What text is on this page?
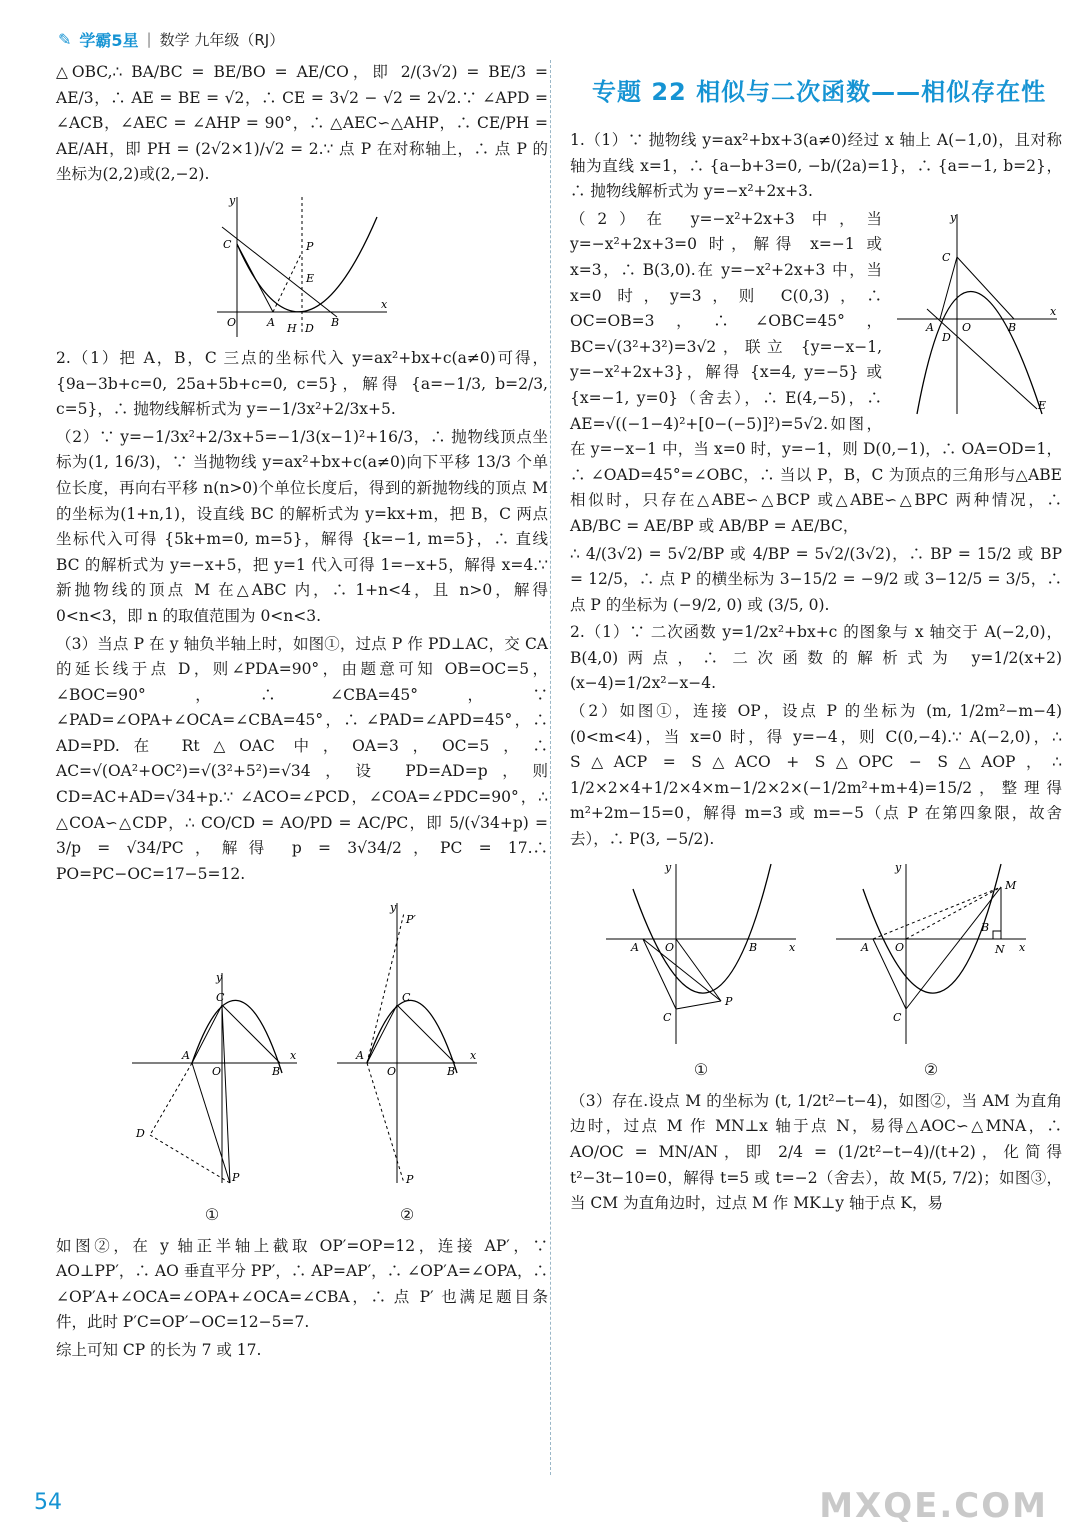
✎ 学霸5星 | 数学 九年级（RJ）

△OBC,∴ BA/BC = BE/BO = AE/CO，即 2/(3√2) = BE/3 = AE/3，∴ AE = BE = √2，∴ CE = 3√2 − √2 = 2√2.∵ ∠APD = ∠ACB，∠AEC = ∠AHP = 90°，∴ △AEC∽△AHP，∴ CE/PH = AE/AH，即 PH = (2√2×1)/√2 = 2.∵ 点 P 在对称轴上，∴ 点 P 的坐标为(2,2)或(2,−2).

x
y
O
C
A	B
P
E
H D

2.（1）把 A，B，C 三点的坐标代入 y=ax²+bx+c(a≠0)可得，{9a−3b+c=0, 25a+5b+c=0, c=5}，解得 {a=−1/3, b=2/3, c=5}，∴ 抛物线解析式为 y=−1/3x²+2/3x+5.

（2）∵ y=−1/3x²+2/3x+5=−1/3(x−1)²+16/3，∴ 抛物线顶点坐标为(1, 16/3)，∵ 当抛物线 y=ax²+bx+c(a≠0)向下平移 13/3 个单位长度，再向右平移 n(n>0)个单位长度后，得到的新抛物线的顶点 M 的坐标为(1+n,1)，设直线 BC 的解析式为 y=kx+m，把 B，C 两点坐标代入可得 {5k+m=0, m=5}，解得 {k=−1, m=5}，∴ 直线 BC 的解析式为 y=−x+5，把 y=1 代入可得 1=−x+5，解得 x=4.∵ 新抛物线的顶点 M 在△ABC 内，∴ 1+n<4，且 n>0，解得 0<n<3，即 n 的取值范围为 0<n<3.

（3）当点 P 在 y 轴负半轴上时，如图①，过点 P 作 PD⊥AC，交 CA 的延长线于点 D，则∠PDA=90°，由题意可知 OB=OC=5，∠BOC=90°，∴ ∠CBA=45°，∵ ∠PAD=∠OPA+∠OCA=∠CBA=45°，∴ ∠PAD=∠APD=45°，∴ AD=PD.在 Rt△OAC 中，OA=3，OC=5，∴ AC=√(OA²+OC²)=√(3²+5²)=√34，设 PD=AD=p，则 CD=AC+AD=√34+p.∵ ∠ACO=∠PCD，∠COA=∠PDC=90°，∴ △COA∽△CDP，∴ CO/CD = AO/PD = AC/PC，即 5/(√34+p) = 3/p = √34/PC，解得 p = 3√34/2，PC = 17.∴ PO=PC−OC=17−5=12.

x
y
O
C
A
B
D
P
①
x
y
O
C
A
B
P′
P
②

如图②，在 y 轴正半轴上截取 OP′=OP=12，连接 AP′，∵ AO⊥PP′，∴ AO 垂直平分 PP′，∴ AP=AP′，∴ ∠OP′A=∠OPA，∴ ∠OP′A+∠OCA=∠OPA+∠OCA=∠CBA，∴ 点 P′ 也满足题目条件，此时 P′C=OP′−OC=12−5=7.

综上可知 CP 的长为 7 或 17.

专题 22 相似与二次函数——相似存在性

1.（1）∵ 抛物线 y=ax²+bx+3(a≠0)经过 x 轴上 A(−1,0)，且对称轴为直线 x=1，∴ {a−b+3=0, −b/(2a)=1}，∴ {a=−1, b=2}，∴ 抛物线解析式为 y=−x²+2x+3.

x
y
O
C
A	B
D
E

（2）在 y=−x²+2x+3 中，当 y=−x²+2x+3=0 时，解得 x=−1 或 x=3，∴ B(3,0).在 y=−x²+2x+3 中，当 x=0 时，y=3，则 C(0,3)，∴ OC=OB=3，∴ ∠OBC=45°，BC=√(3²+3²)=3√2，联立 {y=−x−1, y=−x²+2x+3}，解得 {x=4, y=−5} 或 {x=−1, y=0}（舍去），∴ E(4,−5)，∴ AE=√((−1−4)²+[0−(−5)]²)=5√2.如图，在 y=−x−1 中，当 x=0 时，y=−1，则 D(0,−1)，∴ OA=OD=1，∴ ∠OAD=45°=∠OBC，∴ 当以 P，B，C 为顶点的三角形与△ABE 相似时，只存在△ABE∽△BCP 或△ABE∽△BPC 两种情况，∴ AB/BC = AE/BP 或 AB/BP = AE/BC，

∴ 4/(3√2) = 5√2/BP 或 4/BP = 5√2/(3√2)，∴ BP = 15/2 或 BP = 12/5，∴ 点 P 的横坐标为 3−15/2 = −9/2 或 3−12/5 = 3/5，∴ 点 P 的坐标为 (−9/2, 0) 或 (3/5, 0).

2.（1）∵ 二次函数 y=1/2x²+bx+c 的图象与 x 轴交于 A(−2,0)，B(4,0)两点，∴ 二次函数的解析式为 y=1/2(x+2)(x−4)=1/2x²−x−4.

（2）如图①，连接 OP，设点 P 的坐标为 (m, 1/2m²−m−4)(0<m<4)，当 x=0 时，得 y=−4，则 C(0,−4).∵ A(−2,0)，∴ S△ACP = S△ACO + S△OPC − S△AOP，∴ 1/2×2×4+1/2×4×m−1/2×2×(−1/2m²+m+4)=15/2，整理得 m²+2m−15=0，解得 m=3 或 m=−5（点 P 在第四象限，故舍去），∴ P(3, −5/2).

x
y
O
A	B
C
P
①
x
y
O
A
B
C
M
N
②

（3）存在.设点 M 的坐标为 (t, 1/2t²−t−4)，如图②，当 AM 为直角边时，过点 M 作 MN⊥x 轴于点 N，易得△AOC∽△MNA，∴ AO/OC = MN/AN，即 2/4 = (1/2t²−t−4)/(t+2)，化简得 t²−3t−10=0，解得 t=5 或 t=−2（舍去），故 M(5, 7/2)；如图③，当 CM 为直角边时，过点 M 作 MK⊥y 轴于点 K，易

54	MXQE.COM
